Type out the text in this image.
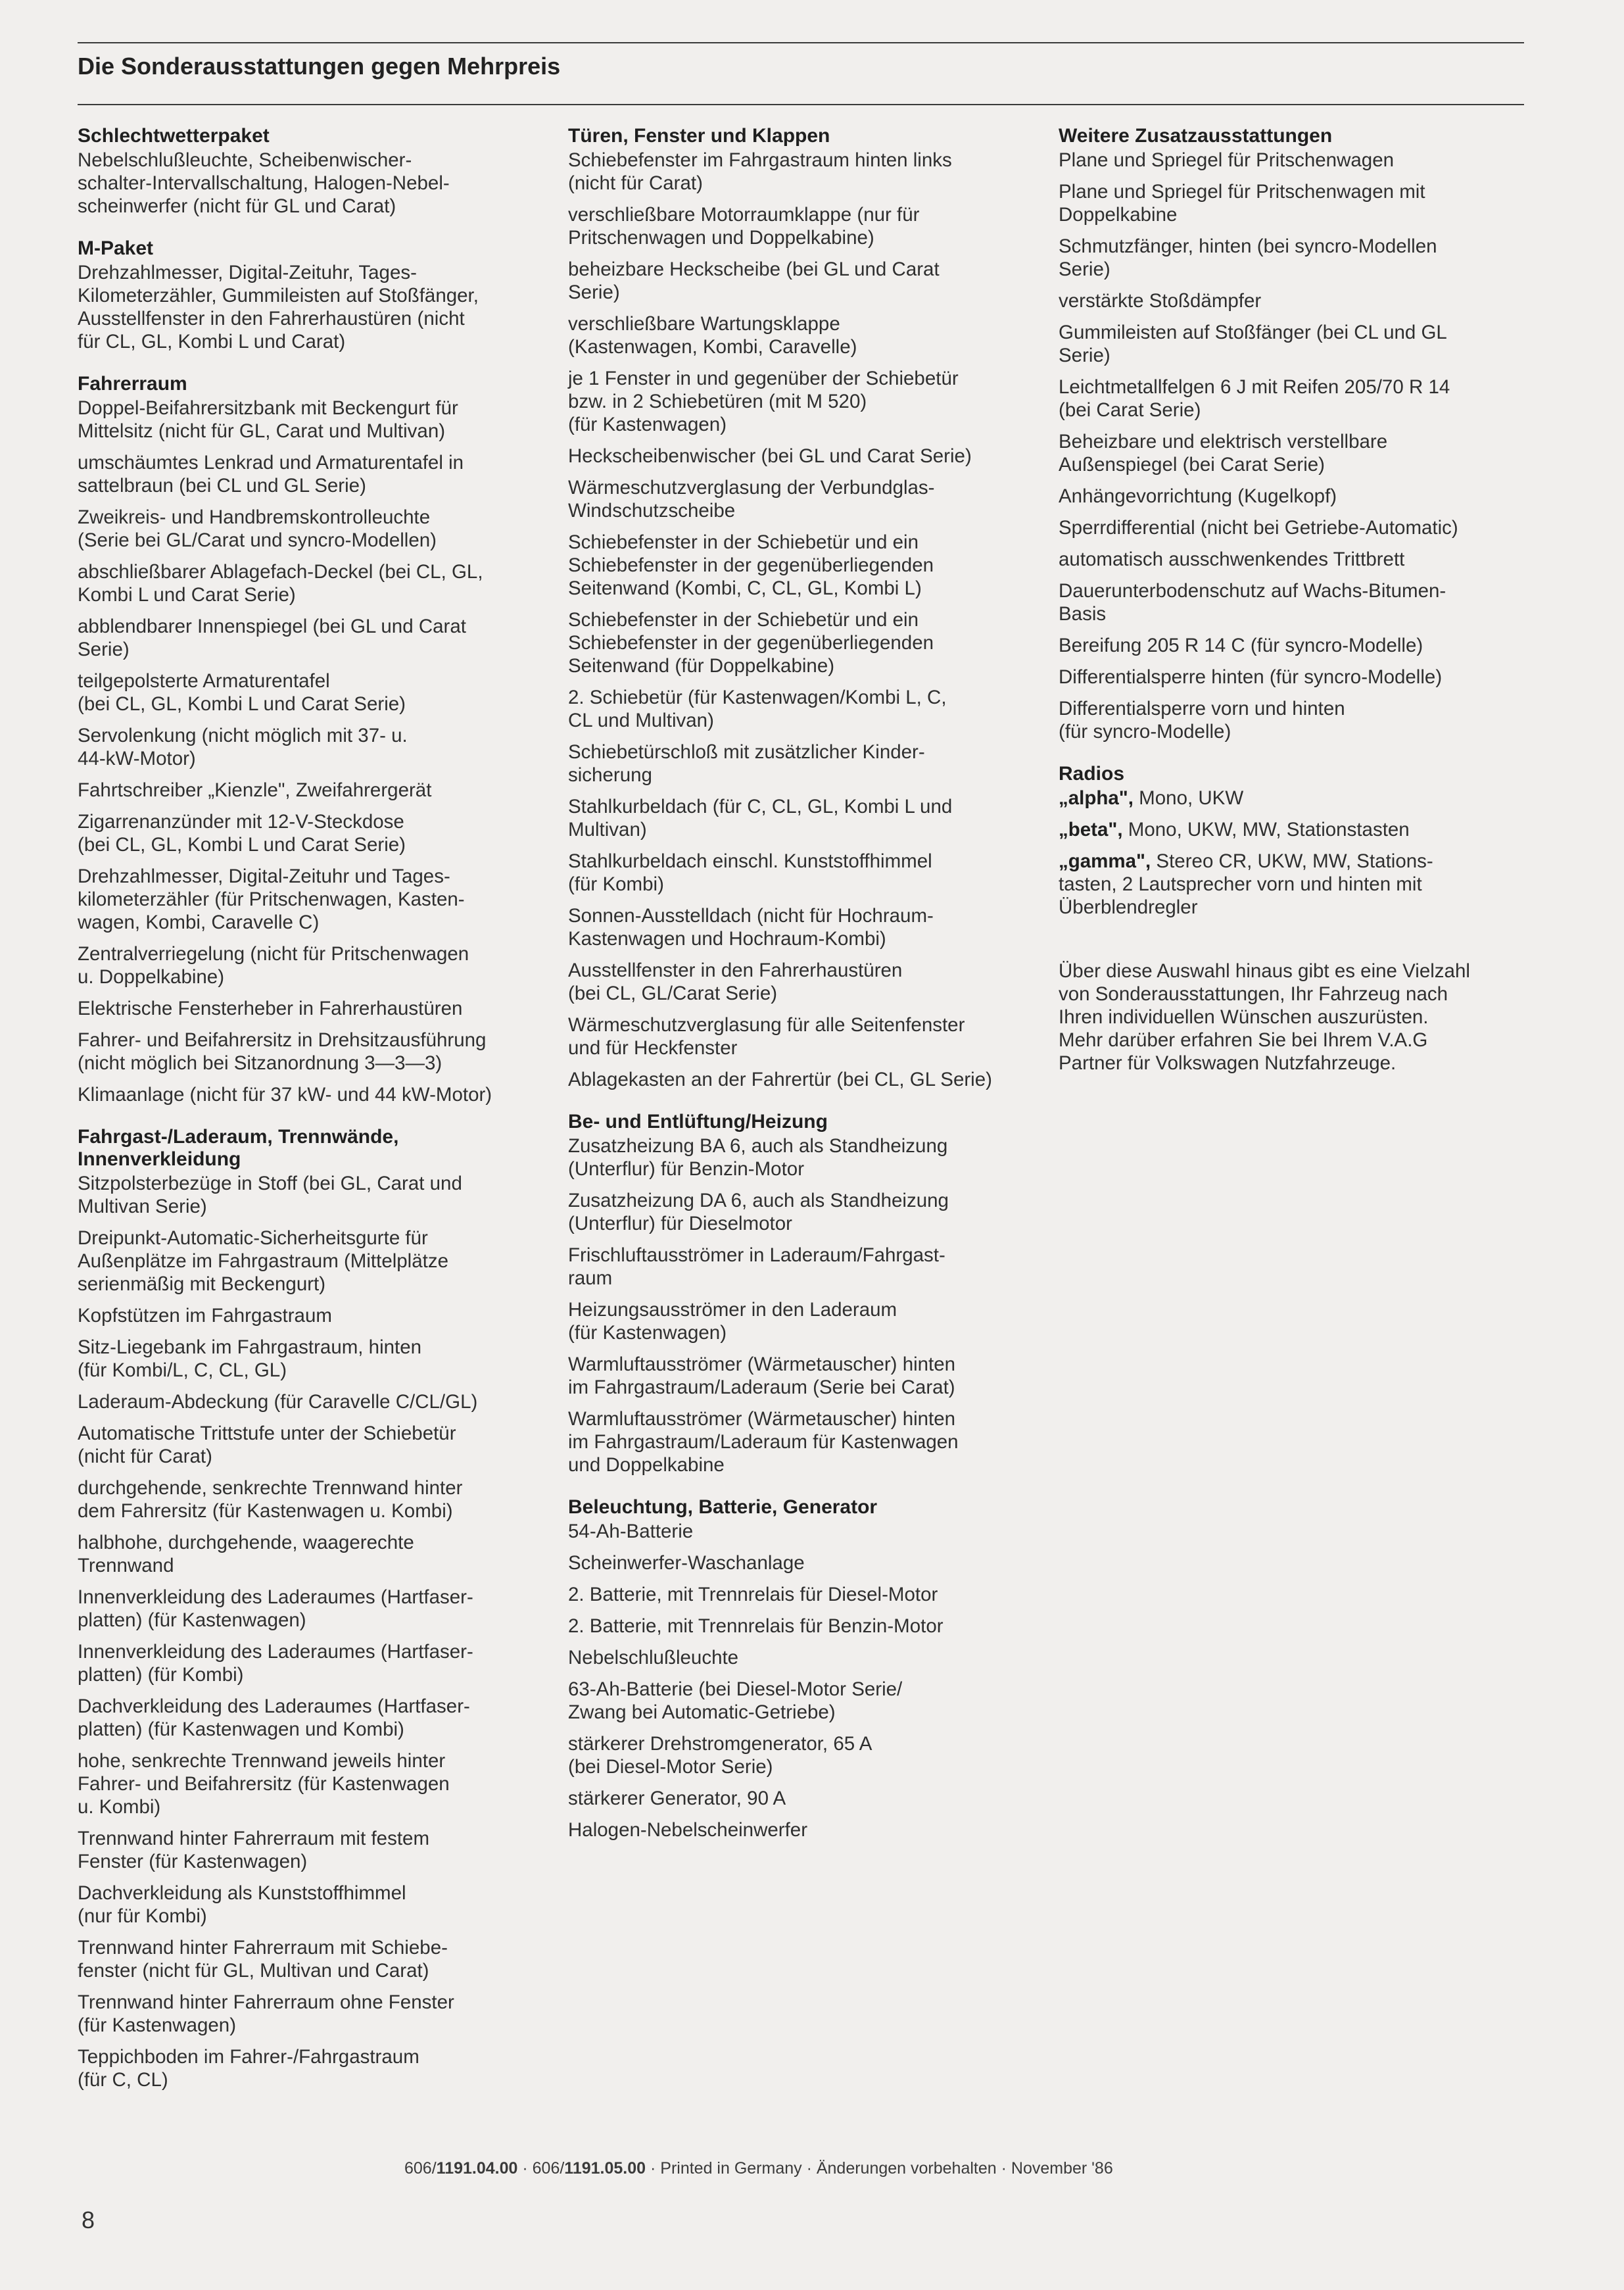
Die Sonderausstattungen gegen Mehrpreis
Schlechtwetterpaket
Nebelschlußleuchte, Scheibenwischer-
schalter-Intervallschaltung, Halogen-Nebel-
scheinwerfer (nicht für GL und Carat)
M-Paket
Drehzahlmesser, Digital-Zeituhr, Tages-
Kilometerzähler, Gummileisten auf Stoßfänger,
Ausstellfenster in den Fahrerhaustüren (nicht
für CL, GL, Kombi L und Carat)
Fahrerraum
Doppel-Beifahrersitzbank mit Beckengurt für
Mittelsitz (nicht für GL, Carat und Multivan)
umschäumtes Lenkrad und Armaturentafel in
sattelbraun (bei CL und GL Serie)
Zweikreis- und Handbremskontrolleuchte
(Serie bei GL/Carat und syncro-Modellen)
abschließbarer Ablagefach-Deckel (bei CL, GL,
Kombi L und Carat Serie)
abblendbarer Innenspiegel (bei GL und Carat
Serie)
teilgepolsterte Armaturentafel
(bei CL, GL, Kombi L und Carat Serie)
Servolenkung (nicht möglich mit 37- u.
44-kW-Motor)
Fahrtschreiber „Kienzle", Zweifahrergerät
Zigarrenanzünder mit 12-V-Steckdose
(bei CL, GL, Kombi L und Carat Serie)
Drehzahlmesser, Digital-Zeituhr und Tages-
kilometerzähler (für Pritschenwagen, Kasten-
wagen, Kombi, Caravelle C)
Zentralverriegelung (nicht für Pritschenwagen
u. Doppelkabine)
Elektrische Fensterheber in Fahrerhaustüren
Fahrer- und Beifahrersitz in Drehsitzausführung
(nicht möglich bei Sitzanordnung 3—3—3)
Klimaanlage (nicht für 37 kW- und 44 kW-Motor)
Fahrgast-/Laderaum, Trennwände,
Innenverkleidung
Sitzpolsterbezüge in Stoff (bei GL, Carat und
Multivan Serie)
Dreipunkt-Automatic-Sicherheitsgurte für
Außenplätze im Fahrgastraum (Mittelplätze
serienmäßig mit Beckengurt)
Kopfstützen im Fahrgastraum
Sitz-Liegebank im Fahrgastraum, hinten
(für Kombi/L, C, CL, GL)
Laderaum-Abdeckung (für Caravelle C/CL/GL)
Automatische Trittstufe unter der Schiebetür
(nicht für Carat)
durchgehende, senkrechte Trennwand hinter
dem Fahrersitz (für Kastenwagen u. Kombi)
halbhohe, durchgehende, waagerechte
Trennwand
Innenverkleidung des Laderaumes (Hartfaser-
platten) (für Kastenwagen)
Innenverkleidung des Laderaumes (Hartfaser-
platten) (für Kombi)
Dachverkleidung des Laderaumes (Hartfaser-
platten) (für Kastenwagen und Kombi)
hohe, senkrechte Trennwand jeweils hinter
Fahrer- und Beifahrersitz (für Kastenwagen
u. Kombi)
Trennwand hinter Fahrerraum mit festem
Fenster (für Kastenwagen)
Dachverkleidung als Kunststoffhimmel
(nur für Kombi)
Trennwand hinter Fahrerraum mit Schiebe-
fenster (nicht für GL, Multivan und Carat)
Trennwand hinter Fahrerraum ohne Fenster
(für Kastenwagen)
Teppichboden im Fahrer-/Fahrgastraum
(für C, CL)
Türen, Fenster und Klappen
Schiebefenster im Fahrgastraum hinten links
(nicht für Carat)
verschließbare Motorraumklappe (nur für
Pritschenwagen und Doppelkabine)
beheizbare Heckscheibe (bei GL und Carat
Serie)
verschließbare Wartungsklappe
(Kastenwagen, Kombi, Caravelle)
je 1 Fenster in und gegenüber der Schiebetür
bzw. in 2 Schiebetüren (mit M 520)
(für Kastenwagen)
Heckscheibenwischer (bei GL und Carat Serie)
Wärmeschutzverglasung der Verbundglas-
Windschutzscheibe
Schiebefenster in der Schiebetür und ein
Schiebefenster in der gegenüberliegenden
Seitenwand (Kombi, C, CL, GL, Kombi L)
Schiebefenster in der Schiebetür und ein
Schiebefenster in der gegenüberliegenden
Seitenwand (für Doppelkabine)
2. Schiebetür (für Kastenwagen/Kombi L, C,
CL und Multivan)
Schiebetürschloß mit zusätzlicher Kinder-
sicherung
Stahlkurbeldach (für C, CL, GL, Kombi L und
Multivan)
Stahlkurbeldach einschl. Kunststoffhimmel
(für Kombi)
Sonnen-Ausstelldach (nicht für Hochraum-
Kastenwagen und Hochraum-Kombi)
Ausstellfenster in den Fahrerhaustüren
(bei CL, GL/Carat Serie)
Wärmeschutzverglasung für alle Seitenfenster
und für Heckfenster
Ablagekasten an der Fahrertür (bei CL, GL Serie)
Be- und Entlüftung/Heizung
Zusatzheizung BA 6, auch als Standheizung
(Unterflur) für Benzin-Motor
Zusatzheizung DA 6, auch als Standheizung
(Unterflur) für Dieselmotor
Frischluftausströmer in Laderaum/Fahrgast-
raum
Heizungsausströmer in den Laderaum
(für Kastenwagen)
Warmluftausströmer (Wärmetauscher) hinten
im Fahrgastraum/Laderaum (Serie bei Carat)
Warmluftausströmer (Wärmetauscher) hinten
im Fahrgastraum/Laderaum für Kastenwagen
und Doppelkabine
Beleuchtung, Batterie, Generator
54-Ah-Batterie
Scheinwerfer-Waschanlage
2. Batterie, mit Trennrelais für Diesel-Motor
2. Batterie, mit Trennrelais für Benzin-Motor
Nebelschlußleuchte
63-Ah-Batterie (bei Diesel-Motor Serie/
Zwang bei Automatic-Getriebe)
stärkerer Drehstromgenerator, 65 A
(bei Diesel-Motor Serie)
stärkerer Generator, 90 A
Halogen-Nebelscheinwerfer
Weitere Zusatzausstattungen
Plane und Spriegel für Pritschenwagen
Plane und Spriegel für Pritschenwagen mit
Doppelkabine
Schmutzfänger, hinten (bei syncro-Modellen
Serie)
verstärkte Stoßdämpfer
Gummileisten auf Stoßfänger (bei CL und GL
Serie)
Leichtmetallfelgen 6 J mit Reifen 205/70 R 14
(bei Carat Serie)
Beheizbare und elektrisch verstellbare
Außenspiegel (bei Carat Serie)
Anhängevorrichtung (Kugelkopf)
Sperrdifferential (nicht bei Getriebe-Automatic)
automatisch ausschwenkendes Trittbrett
Dauerunterbodenschutz auf Wachs-Bitumen-
Basis
Bereifung 205 R 14 C (für syncro-Modelle)
Differentialsperre hinten (für syncro-Modelle)
Differentialsperre vorn und hinten
(für syncro-Modelle)
Radios
„alpha", Mono, UKW
„beta", Mono, UKW, MW, Stationstasten
„gamma", Stereo CR, UKW, MW, Stations-
tasten, 2 Lautsprecher vorn und hinten mit
Überblendregler
Über diese Auswahl hinaus gibt es eine Vielzahl
von Sonderausstattungen, Ihr Fahrzeug nach
Ihren individuellen Wünschen auszurüsten.
Mehr darüber erfahren Sie bei Ihrem V.A.G
Partner für Volkswagen Nutzfahrzeuge.
606/1191.04.00 · 606/1191.05.00 · Printed in Germany · Änderungen vorbehalten · November '86
8
